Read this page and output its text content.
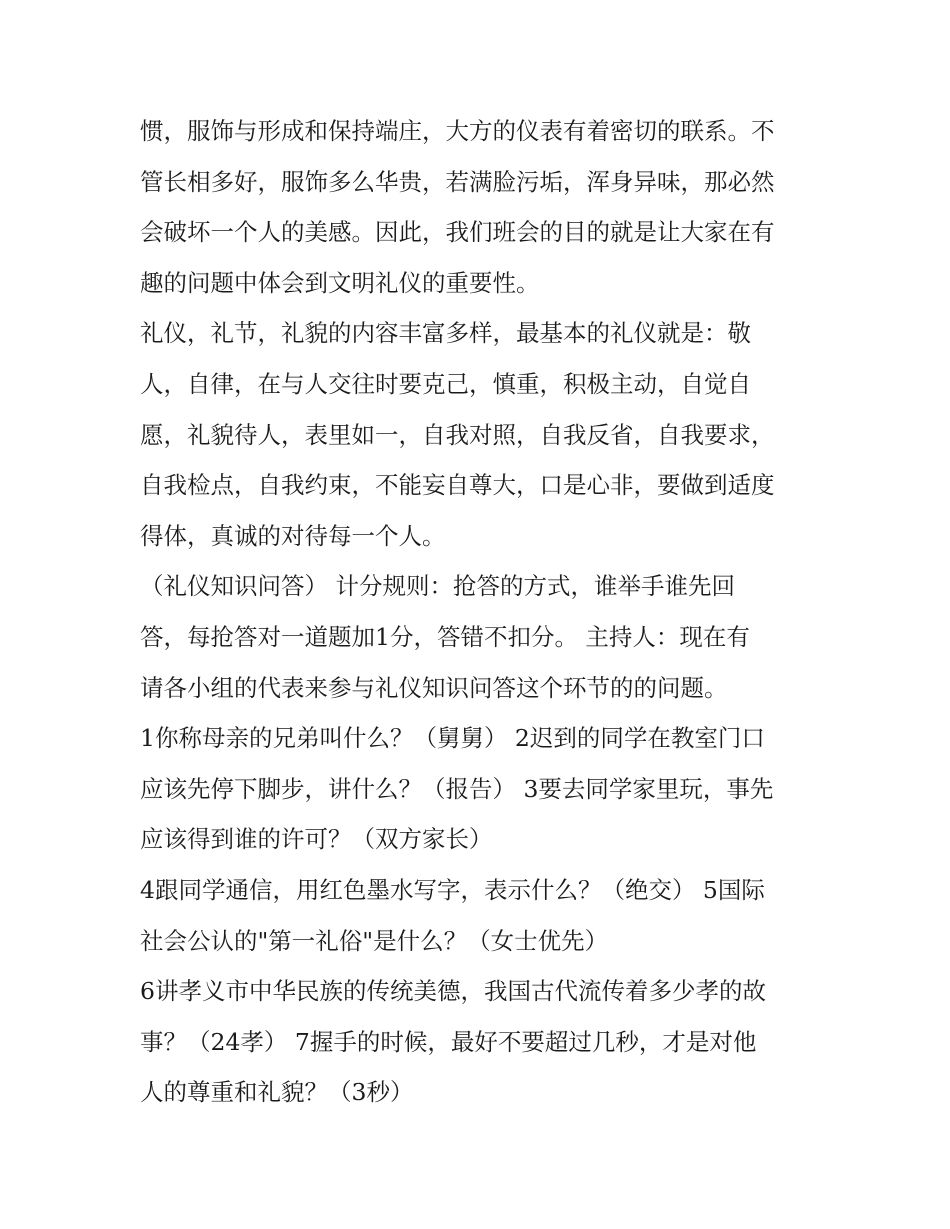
惯，服饰与形成和保持端庄，大方的仪表有着密切的联系。不
管长相多好，服饰多么华贵，若满脸污垢，浑身异味，那必然
会破坏一个人的美感。因此，我们班会的目的就是让大家在有
趣的问题中体会到文明礼仪的重要性。
礼仪，礼节，礼貌的内容丰富多样，最基本的礼仪就是：敬
人，自律，在与人交往时要克己，慎重，积极主动，自觉自
愿，礼貌待人，表里如一，自我对照，自我反省，自我要求，
自我检点，自我约束，不能妄自尊大，口是心非，要做到适度
得体，真诚的对待每一个人。
（礼仪知识问答） 计分规则：抢答的方式，谁举手谁先回
答，每抢答对一道题加1分，答错不扣分。 主持人：现在有
请各小组的代表来参与礼仪知识问答这个环节的的问题。
1你称母亲的兄弟叫什么？（舅舅） 2迟到的同学在教室门口
应该先停下脚步，讲什么？（报告） 3要去同学家里玩，事先
应该得到谁的许可？（双方家长）
4跟同学通信，用红色墨水写字，表示什么？（绝交） 5国际
社会公认的"第一礼俗"是什么？（女士优先）
6讲孝义市中华民族的传统美德，我国古代流传着多少孝的故
事？（24孝） 7握手的时候，最好不要超过几秒，才是对他
人的尊重和礼貌？（3秒）
